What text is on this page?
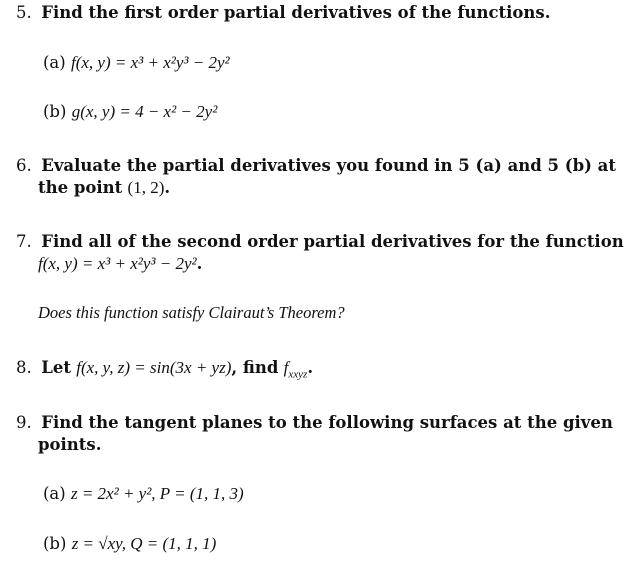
5. Find the first order partial derivatives of the functions.
(a) f(x, y) = x³ + x²y³ − 2y²
(b) g(x, y) = 4 − x² − 2y²
6. Evaluate the partial derivatives you found in 5 (a) and 5 (b) at
the point (1, 2).
7. Find all of the second order partial derivatives for the function
f(x, y) = x³ + x²y³ − 2y².
Does this function satisfy Clairaut’s Theorem?
8. Let f(x, y, z) = sin(3x + yz), find $f_{xxyz}$.
9. Find the tangent planes to the following surfaces at the given
points.
(a) z = 2x² + y², P = (1, 1, 3)
(b) z = √xy, Q = (1, 1, 1)
